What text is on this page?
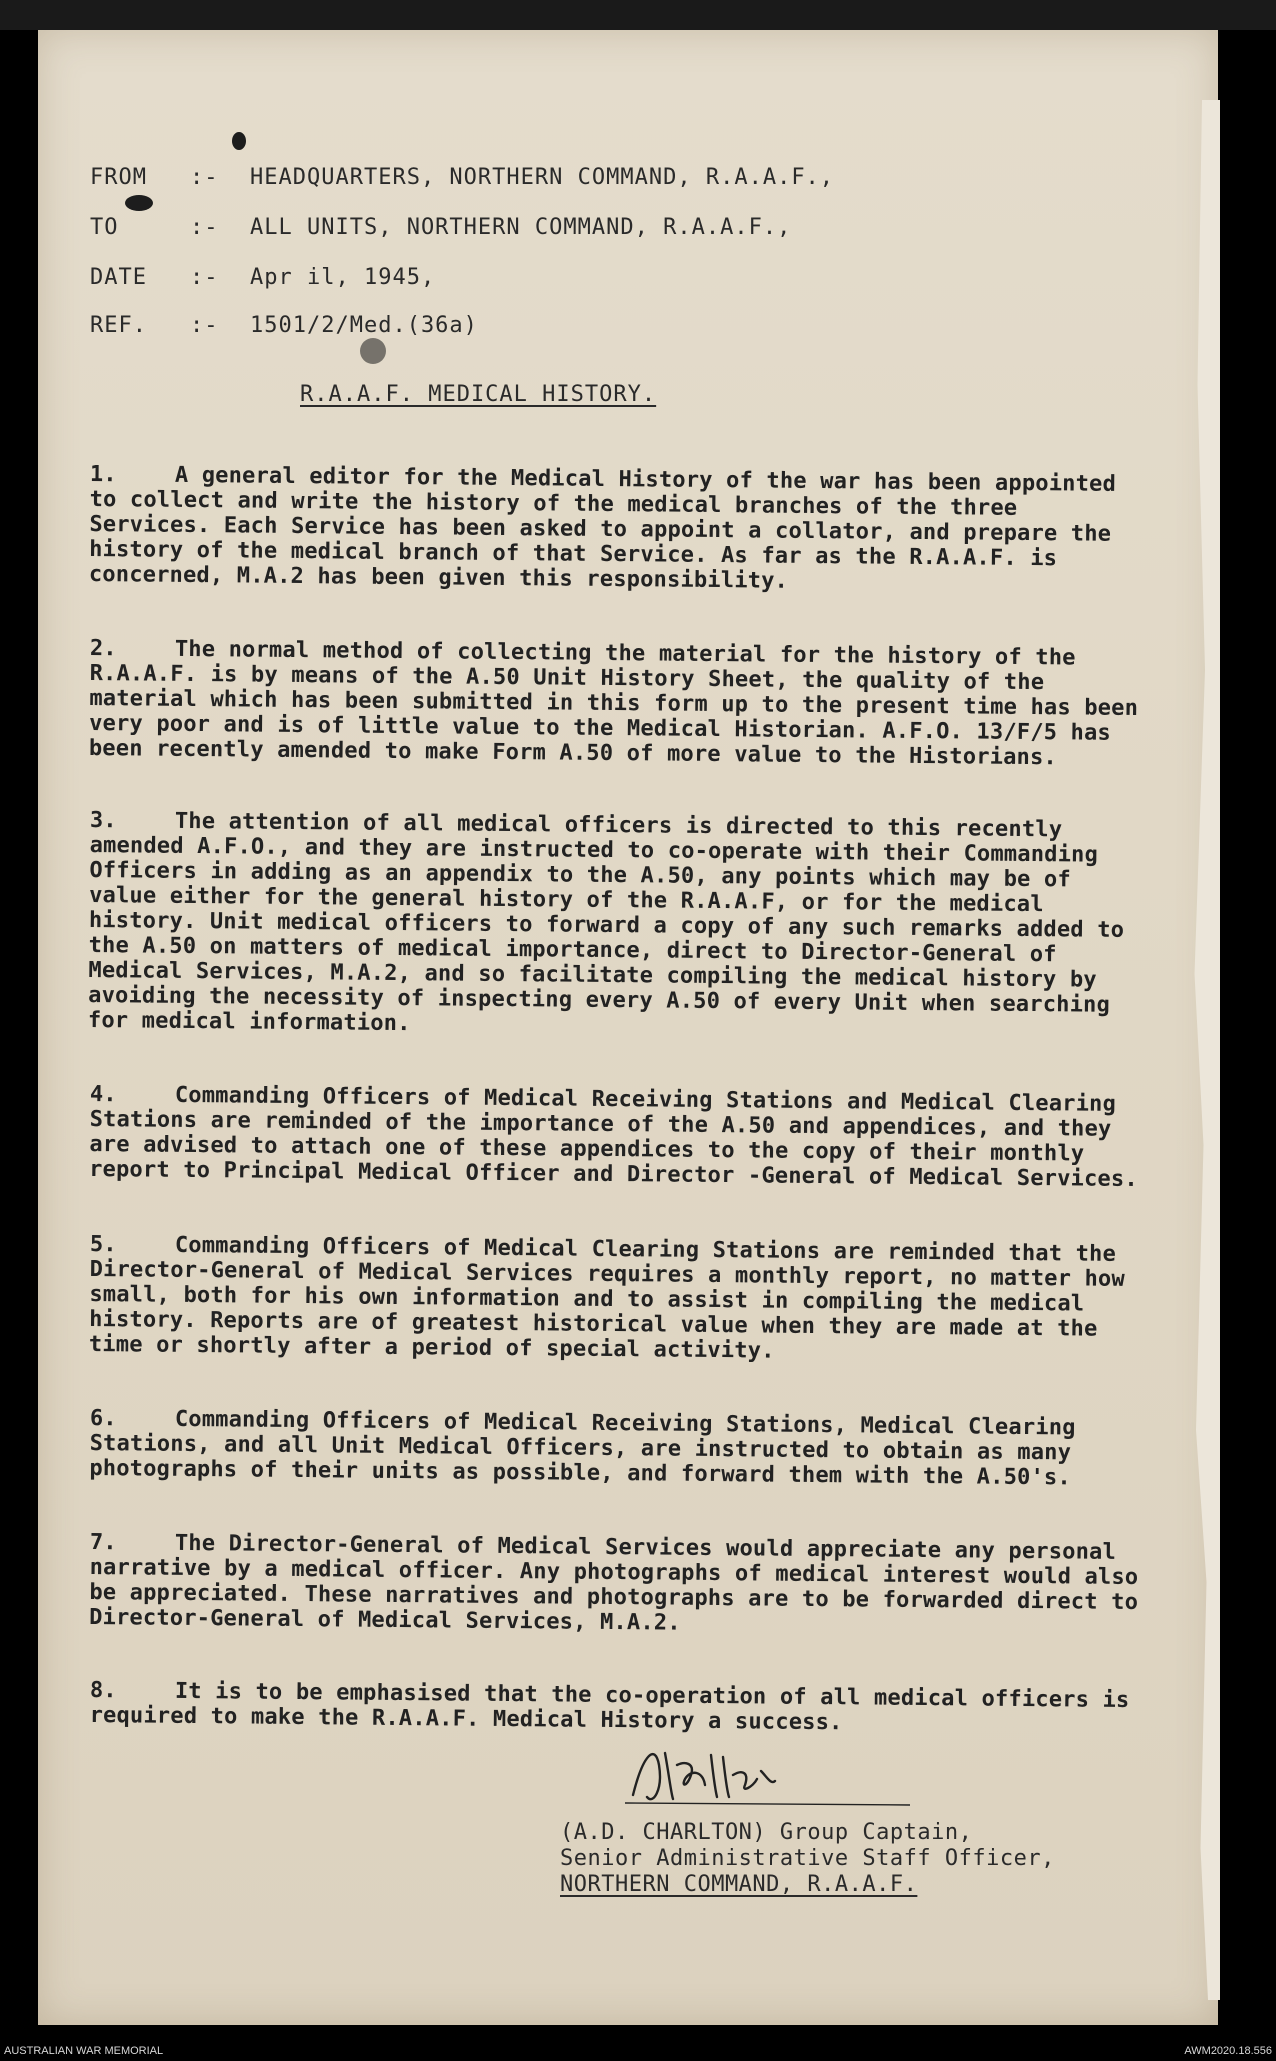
FROM :- HEADQUARTERS, NORTHERN COMMAND, R.A.A.F.,
TO	:- ALL UNITS, NORTHERN COMMAND, R.A.A.F.,
DATE :- Apr il, 1945,
REF. :- 1501/2/Med.(36a)
R.A.A.F. MEDICAL HISTORY.
1.	A general editor for the Medical History of the war has been appointed to collect and write the history of the medical branches of the three Services. Each Service has been asked to appoint a collator, and prepare the history of the medical branch of that Service. As far as the R.A.A.F. is concerned, M.A.2 has been given this responsibility.
2.	The normal method of collecting the material for the history of the R.A.A.F. is by means of the A.50 Unit History Sheet, the quality of the material which has been submitted in this form up to the present time has been very poor and is of little value to the Medical Historian. A.F.O. 13/F/5 has been recently amended to make Form A.50 of more value to the Historians.
3.	The attention of all medical officers is directed to this recently amended A.F.O., and they are instructed to co-operate with their Commanding Officers in adding as an appendix to the A.50, any points which may be of value either for the general history of the R.A.A.F, or for the medical history. Unit medical officers to forward a copy of any such remarks added to the A.50 on matters of medical importance, direct to Director-General of Medical Services, M.A.2, and so facilitate compiling the medical history by avoiding the necessity of inspecting every A.50 of every Unit when searching for medical information.
4.	Commanding Officers of Medical Receiving Stations and Medical Clearing Stations are reminded of the importance of the A.50 and appendices, and they are advised to attach one of these appendices to the copy of their monthly report to Principal Medical Officer and Director -General of Medical Services.
5.	Commanding Officers of Medical Clearing Stations are reminded that the Director-General of Medical Services requires a monthly report, no matter how small, both for his own information and to assist in compiling the medical history. Reports are of greatest historical value when they are made at the time or shortly after a period of special activity.
6.	Commanding Officers of Medical Receiving Stations, Medical Clearing Stations, and all Unit Medical Officers, are instructed to obtain as many photographs of their units as possible, and forward them with the A.50's.
7.	The Director-General of Medical Services would appreciate any personal narrative by a medical officer. Any photographs of medical interest would also be appreciated. These narratives and photographs are to be forwarded direct to Director-General of Medical Services, M.A.2.
8.	It is to be emphasised that the co-operation of all medical officers is required to make the R.A.A.F. Medical History a success.
(A.D. CHARLTON) Group Captain,
Senior Administrative Staff Officer,
NORTHERN COMMAND, R.A.A.F.
AUSTRALIAN WAR MEMORIAL	AWM2020.18.556
